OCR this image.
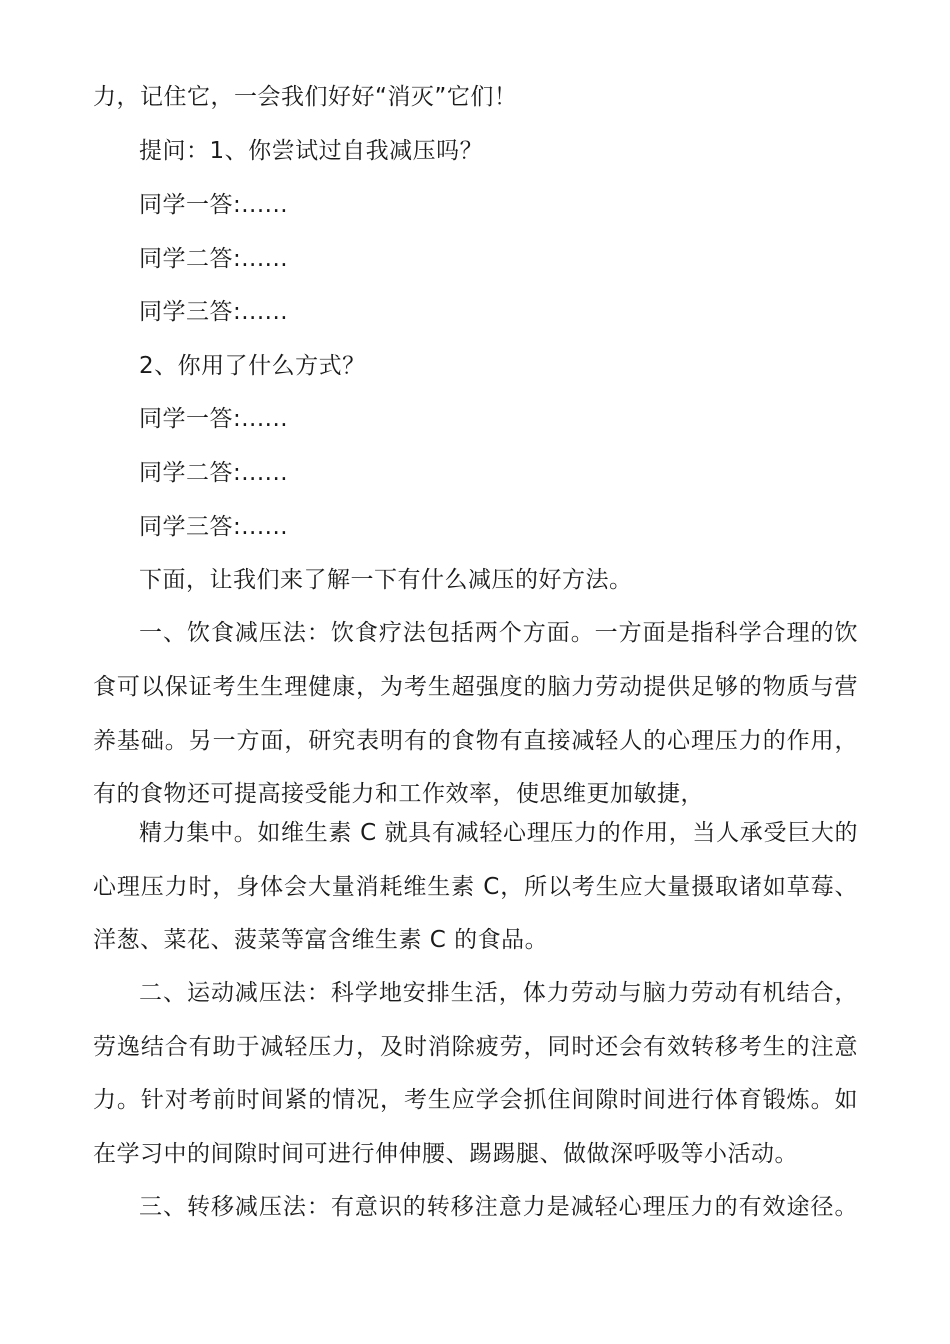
力，记住它，一会我们好好“消灭”它们！
提问：1、你尝试过自我减压吗？
同学一答:......
同学二答:......
同学三答:......
2、你用了什么方式？
同学一答:......
同学二答:......
同学三答:......
下面，让我们来了解一下有什么减压的好方法。
一、饮食减压法：饮食疗法包括两个方面。一方面是指科学合理的饮
食可以保证考生生理健康，为考生超强度的脑力劳动提供足够的物质与营
养基础。另一方面，研究表明有的食物有直接减轻人的心理压力的作用，
有的食物还可提高接受能力和工作效率，使思维更加敏捷，
精力集中。如维生素 C 就具有减轻心理压力的作用，当人承受巨大的
心理压力时，身体会大量消耗维生素 C，所以考生应大量摄取诸如草莓、
洋葱、菜花、菠菜等富含维生素 C 的食品。
二、运动减压法：科学地安排生活，体力劳动与脑力劳动有机结合，
劳逸结合有助于减轻压力，及时消除疲劳，同时还会有效转移考生的注意
力。针对考前时间紧的情况，考生应学会抓住间隙时间进行体育锻炼。如
在学习中的间隙时间可进行伸伸腰、踢踢腿、做做深呼吸等小活动。
三、转移减压法：有意识的转移注意力是减轻心理压力的有效途径。
